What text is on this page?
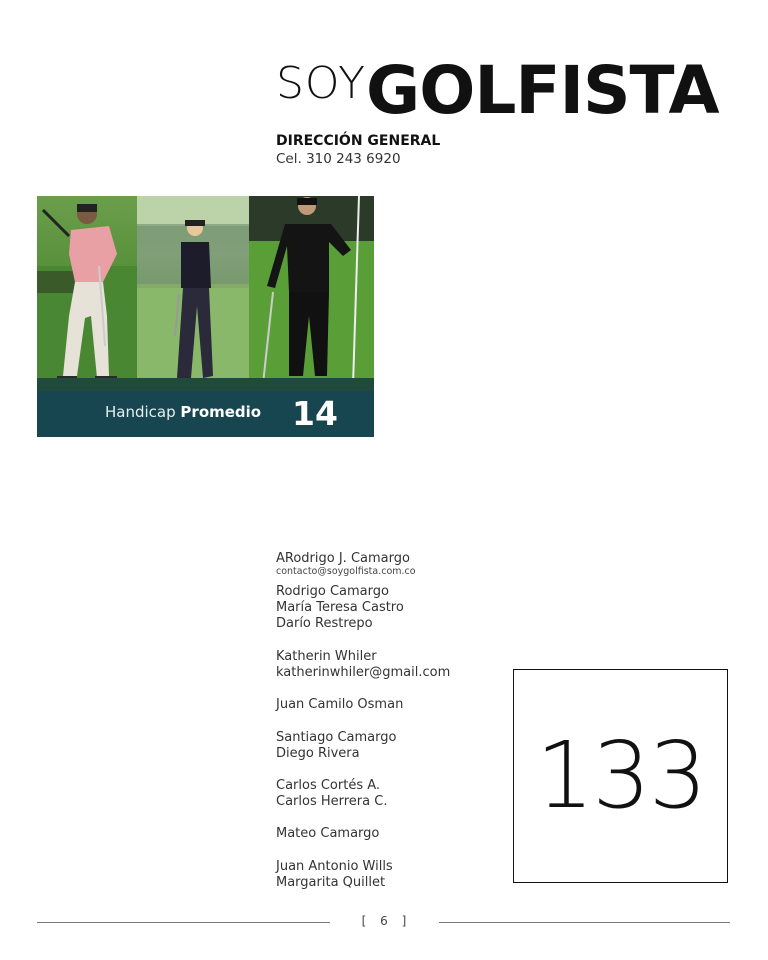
SOYGOLFISTA
DIRECCIÓN GENERAL
Cel. 310 243 6920
Handicap Promedio 14
ARodrigo J. Camargo
contacto@soygolfista.com.co
Rodrigo Camargo
María Teresa Castro
Darío Restrepo
Katherin Whiler
katherinwhiler@gmail.com
Juan Camilo Osman
Santiago Camargo
Diego Rivera
Carlos Cortés A.
Carlos Herrera C.
Mateo Camargo
Juan Antonio Wills
Margarita Quillet
133
[ 6 ]
